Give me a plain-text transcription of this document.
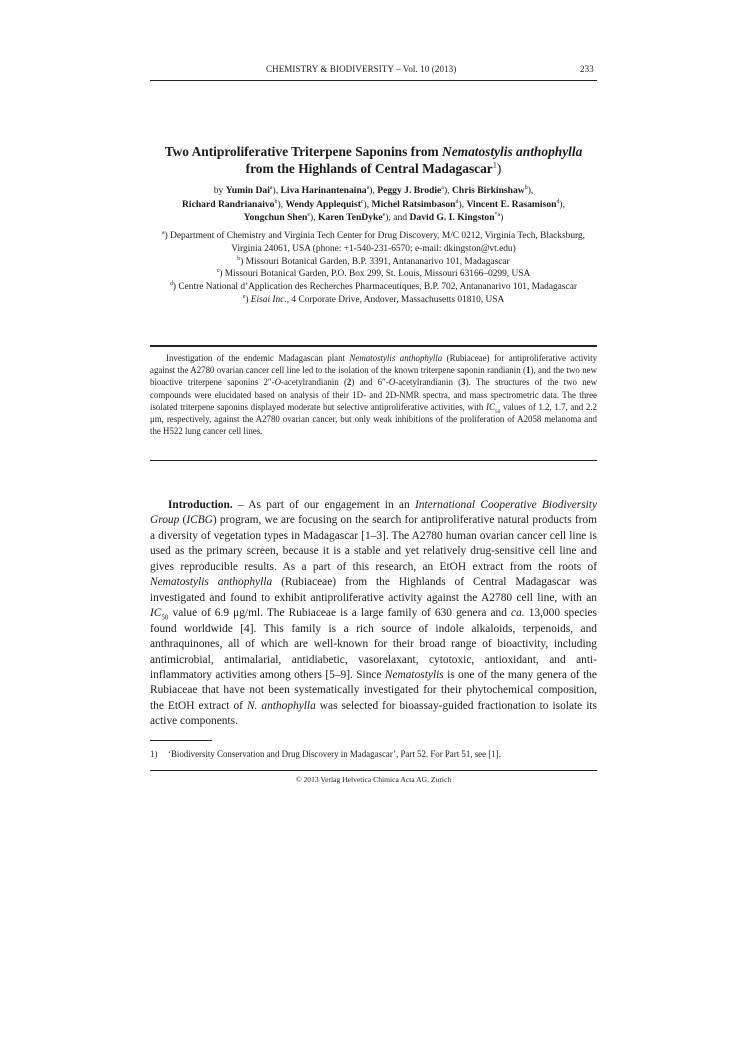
CHEMISTRY & BIODIVERSITY – Vol. 10 (2013)	233
Two Antiproliferative Triterpene Saponins from Nematostylis anthophylla
from the Highlands of Central Madagascar$^1$)
by Yumin Dai$^a$), Liva Harinantenaina$^a$), Peggy J. Brodie$^a$), Chris Birkinshaw$^b$),
Richard Randrianaivo$^b$), Wendy Applequist$^c$), Michel Ratsimbason$^d$), Vincent E. Rasamison$^d$),
Yongchun Shen$^e$), Karen TenDyke$^e$), and David G. I. Kingston$^{*a}$)
$^a$) Department of Chemistry and Virginia Tech Center for Drug Discovery, M/C 0212, Virginia Tech, Blacksburg, Virginia 24061, USA (phone: +1-540-231-6570; e-mail: dkingston@vt.edu)
$^b$) Missouri Botanical Garden, B.P. 3391, Antananarivo 101, Madagascar
$^c$) Missouri Botanical Garden, P.O. Box 299, St. Louis, Missouri 63166–0299, USA
$^d$) Centre National d’Application des Recherches Pharmaceutiques, B.P. 702, Antananarivo 101, Madagascar
$^e$) Eisai Inc., 4 Corporate Drive, Andover, Massachusetts 01810, USA
Investigation of the endemic Madagascan plant Nematostylis anthophylla (Rubiaceae) for antiproliferative activity against the A2780 ovarian cancer cell line led to the isolation of the known triterpene saponin randianin (1), and the two new bioactive triterpene saponins 2″-O-acetylrandianin (2) and 6″-O-acetylrandianin (3). The structures of the two new compounds were elucidated based on analysis of their 1D- and 2D-NMR spectra, and mass spectrometric data. The three isolated triterpene saponins displayed moderate but selective antiproliferative activities, with $IC_{50}$ values of 1.2, 1.7, and 2.2 μm, respectively, against the A2780 ovarian cancer, but only weak inhibitions of the proliferation of A2058 melanoma and the H522 lung cancer cell lines.
Introduction. – As part of our engagement in an International Cooperative Biodiversity Group (ICBG) program, we are focusing on the search for antiproliferative natural products from a diversity of vegetation types in Madagascar [1–3]. The A2780 human ovarian cancer cell line is used as the primary screen, because it is a stable and yet relatively drug-sensitive cell line and gives reproducible results. As a part of this research, an EtOH extract from the roots of Nematostylis anthophylla (Rubiaceae) from the Highlands of Central Madagascar was investigated and found to exhibit antiproliferative activity against the A2780 cell line, with an $IC_{50}$ value of 6.9 μg/ml. The Rubiaceae is a large family of 630 genera and ca. 13,000 species found worldwide [4]. This family is a rich source of indole alkaloids, terpenoids, and anthraquinones, all of which are well-known for their broad range of bioactivity, including antimicrobial, antimalarial, antidiabetic, vasorelaxant, cytotoxic, antioxidant, and anti-inflammatory activities among others [5–9]. Since Nematostylis is one of the many genera of the Rubiaceae that have not been systematically investigated for their phytochemical composition, the EtOH extract of N. anthophylla was selected for bioassay-guided fractionation to isolate its active components.
1) ‘Biodiversity Conservation and Drug Discovery in Madagascar’, Part 52. For Part 51, see [1].
© 2013 Verlag Helvetica Chimica Acta AG, Zurich
